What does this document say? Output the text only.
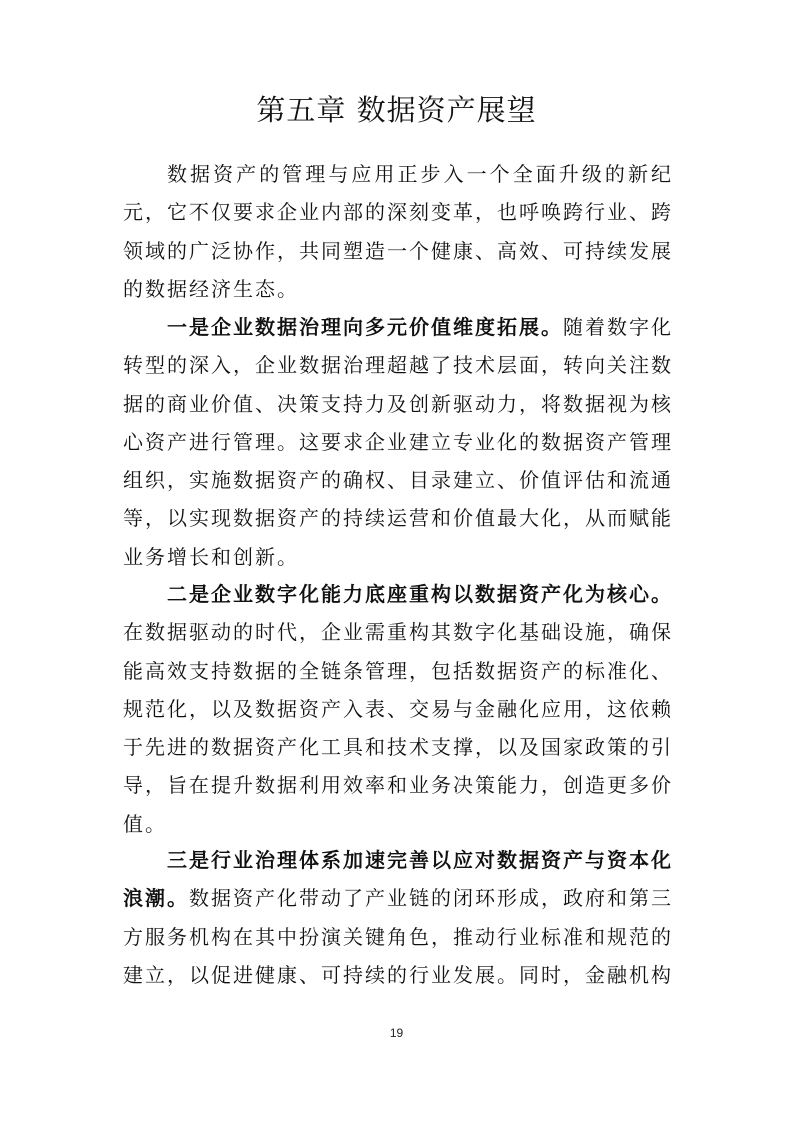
第五章 数据资产展望

数据资产的管理与应用正步入一个全面升级的新纪元，它不仅要求企业内部的深刻变革，也呼唤跨行业、跨领域的广泛协作，共同塑造一个健康、高效、可持续发展的数据经济生态。

一是企业数据治理向多元价值维度拓展。随着数字化转型的深入，企业数据治理超越了技术层面，转向关注数据的商业价值、决策支持力及创新驱动力，将数据视为核心资产进行管理。这要求企业建立专业化的数据资产管理组织，实施数据资产的确权、目录建立、价值评估和流通等，以实现数据资产的持续运营和价值最大化，从而赋能业务增长和创新。

二是企业数字化能力底座重构以数据资产化为核心。在数据驱动的时代，企业需重构其数字化基础设施，确保能高效支持数据的全链条管理，包括数据资产的标准化、规范化，以及数据资产入表、交易与金融化应用，这依赖于先进的数据资产化工具和技术支撑，以及国家政策的引导，旨在提升数据利用效率和业务决策能力，创造更多价值。

三是行业治理体系加速完善以应对数据资产与资本化浪潮。数据资产化带动了产业链的闭环形成，政府和第三方服务机构在其中扮演关键角色，推动行业标准和规范的建立，以促进健康、可持续的行业发展。同时，金融机构

19
